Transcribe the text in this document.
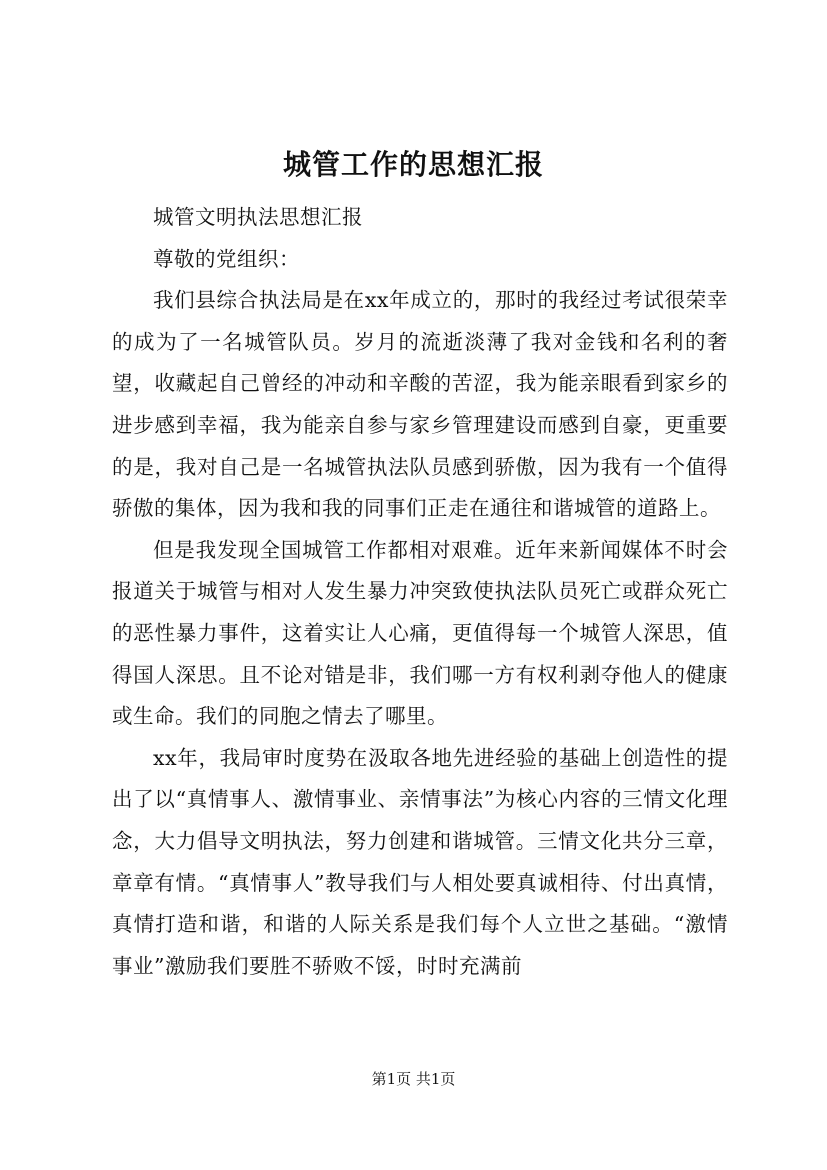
城管工作的思想汇报

城管文明执法思想汇报

尊敬的党组织：

我们县综合执法局是在xx年成立的，那时的我经过考试很荣幸的成为了一名城管队员。岁月的流逝淡薄了我对金钱和名利的奢望，收藏起自己曾经的冲动和辛酸的苦涩，我为能亲眼看到家乡的进步感到幸福，我为能亲自参与家乡管理建设而感到自豪，更重要的是，我对自己是一名城管执法队员感到骄傲，因为我有一个值得骄傲的集体，因为我和我的同事们正走在通往和谐城管的道路上。

但是我发现全国城管工作都相对艰难。近年来新闻媒体不时会报道关于城管与相对人发生暴力冲突致使执法队员死亡或群众死亡的恶性暴力事件，这着实让人心痛，更值得每一个城管人深思，值得国人深思。且不论对错是非，我们哪一方有权利剥夺他人的健康或生命。我们的同胞之情去了哪里。

xx年，我局审时度势在汲取各地先进经验的基础上创造性的提出了以“真情事人、激情事业、亲情事法”为核心内容的三情文化理念，大力倡导文明执法，努力创建和谐城管。三情文化共分三章，章章有情。“真情事人”教导我们与人相处要真诚相待、付出真情，真情打造和谐，和谐的人际关系是我们每个人立世之基础。“激情事业”激励我们要胜不骄败不馁，时时充满前

第1页 共1页
